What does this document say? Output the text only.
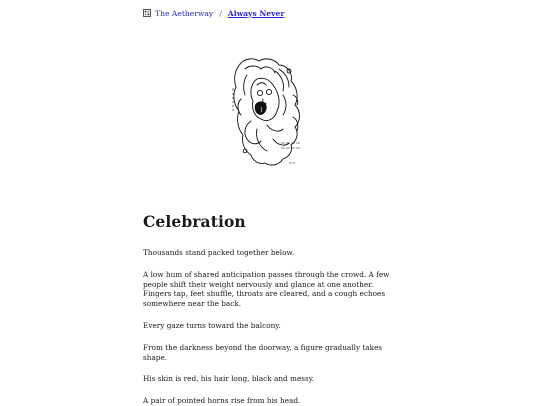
The Aetherway / Always Never
Celebration

Thousands stand packed together below.

A low hum of shared anticipation passes through the crowd. A few people shift their weight nervously and glance at one another. Fingers tap, feet shuffle, throats are cleared, and a cough echoes somewhere near the back.

Every gaze turns toward the balcony.

From the darkness beyond the doorway, a figure gradually takes shape.

His skin is red, his hair long, black and messy.

A pair of pointed horns rise from his head.
